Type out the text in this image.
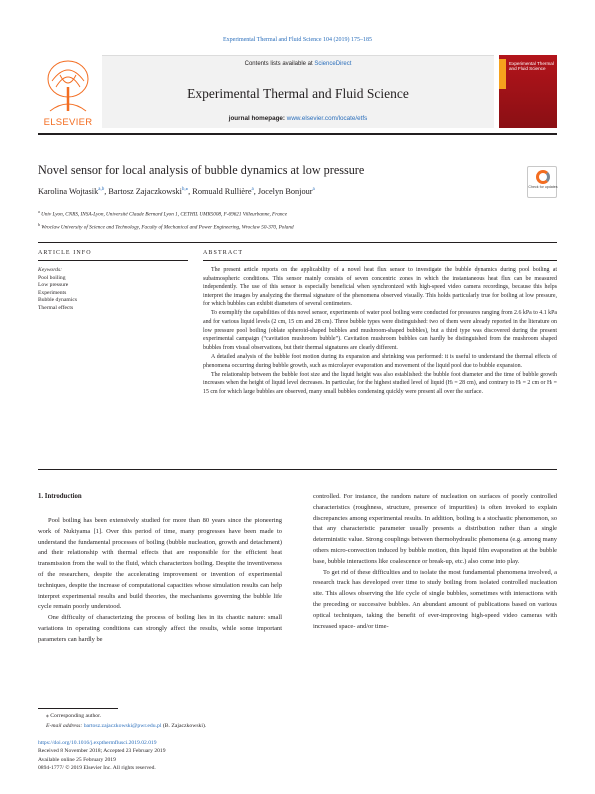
Experimental Thermal and Fluid Science 104 (2019) 175–185
ELSEVIER
Contents lists available at ScienceDirect
Experimental Thermal and Fluid Science
journal homepage: www.elsevier.com/locate/etfs
Experimental Thermal and Fluid Science
Novel sensor for local analysis of bubble dynamics at low pressure
Check for updates
Karolina Wojtasik$^{a,b}$, Bartosz Zajaczkowski$^{b,⁎}$, Romuald Rullière$^a$, Jocelyn Bonjour$^a$
$^a$ Univ Lyon, CNRS, INSA-Lyon, Université Claude Bernard Lyon 1, CETHIL UMR5008, F-69621 Villeurbanne, France
$^b$ Wroclaw University of Science and Technology, Faculty of Mechanical and Power Engineering, Wroclaw 50-370, Poland
ARTICLE INFO	ABSTRACT
Keywords:
Pool boiling
Low pressure
Experiments
Bubble dynamics
Thermal effects

The present article reports on the applicability of a novel heat flux sensor to investigate the bubble dynamics during pool boiling at subatmospheric conditions. This sensor mainly consists of seven concentric zones in which the instantaneous heat flux can be measured independently. The use of this sensor is especially beneficial when synchronized with high-speed video camera recordings, because this helps interpret the images by analyzing the thermal signature of the phenomena observed visually. This holds particularly true for boiling at low pressure, for which bubbles can exhibit diameters of several centimeters.

To exemplify the capabilities of this novel sensor, experiments of water pool boiling were conducted for pressures ranging from 2.6 kPa to 4.1 kPa and for various liquid levels (2 cm, 15 cm and 28 cm). Three bubble types were distinguished: two of them were already reported in the literature on low pressure pool boiling (oblate spheroid-shaped bubbles and mushroom-shaped bubbles), but a third type was discovered during the present experimental campaign (“cavitation mushroom bubble”). Cavitation mushroom bubbles can hardly be distinguished from the mushroom shaped bubbles from visual observations, but their thermal signatures are clearly different.

A detailed analysis of the bubble foot motion during its expansion and shrinking was performed: it is useful to understand the thermal effects of phenomena occurring during bubble growth, such as microlayer evaporation and movement of the liquid pool due to bubble expansion.

The relationship between the bubble foot size and the liquid height was also established: the bubble foot diameter and the time of bubble growth increases when the height of liquid level decreases. In particular, for the highest studied level of liquid (Hₗ = 28 cm), and contrary to Hₗ = 2 cm or Hₗ = 15 cm for which large bubbles are observed, many small bubbles condensing quickly were present all over the surface.

1. Introduction

Pool boiling has been extensively studied for more than 80 years since the pioneering work of Nukiyama [1]. Over this period of time, many progresses have been made to understand the fundamental processes of boiling (bubble nucleation, growth and detachment) and their relationship with thermal effects that are responsible for the efficient heat transmission from the wall to the fluid, which characterizes boiling. Despite the inventiveness of the researchers, despite the accelerating improvement or invention of experimental techniques, despite the increase of computational capacities whose simulation results can help interpret experimental results and build theories, the mechanisms governing the bubble life cycle remain poorly understood.

One difficulty of characterizing the process of boiling lies in its chaotic nature: small variations in operating conditions can strongly affect the results, while some important parameters can hardly be

controlled. For instance, the random nature of nucleation on surfaces of poorly controlled characteristics (roughness, structure, presence of impurities) is often invoked to explain discrepancies among experimental results. In addition, boiling is a stochastic phenomenon, so that any characteristic parameter usually presents a distribution rather than a single deterministic value. Strong couplings between thermohydraulic phenomena (e.g. among many others micro-convection induced by bubble motion, thin liquid film evaporation at the bubble base, bubble interactions like coalescence or break-up, etc.) also come into play.

To get rid of these difficulties and to isolate the most fundamental phenomena involved, a research track has developed over time to study boiling from isolated controlled nucleation site. This allows observing the life cycle of single bubbles, sometimes with interactions with the preceding or successive bubbles. An abundant amount of publications based on various optical techniques, taking the benefit of ever-improving high-speed video cameras with increased space- and/or time-

⁎ Corresponding author.
E-mail address: bartosz.zajaczkowski@pwr.edu.pl (B. Zajaczkowski).
https://doi.org/10.1016/j.expthermflusci.2019.02.019
Received 8 November 2018; Accepted 23 February 2019
Available online 25 February 2019
0894-1777/ © 2019 Elsevier Inc. All rights reserved.
